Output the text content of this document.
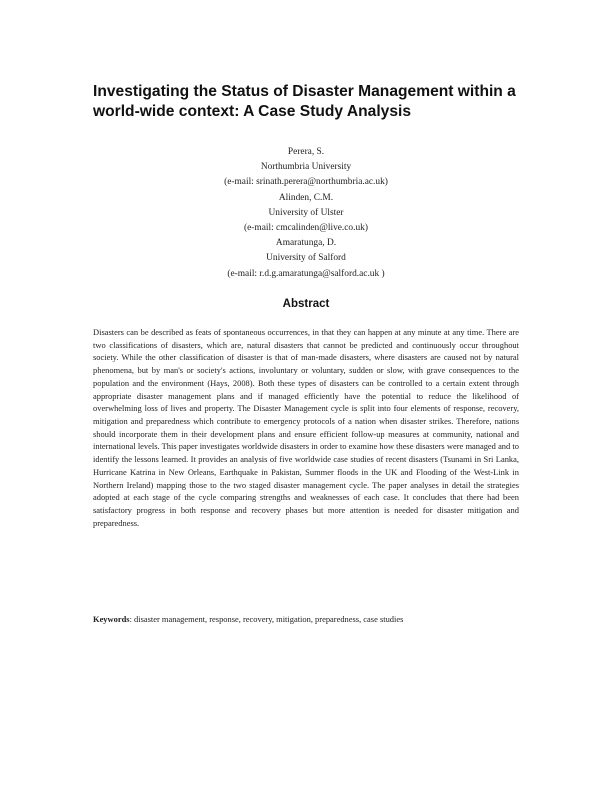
Investigating the Status of Disaster Management within a world-wide context: A Case Study Analysis
Perera, S.
Northumbria University
(e-mail: srinath.perera@northumbria.ac.uk)
Alinden, C.M.
University of Ulster
(e-mail: cmcalinden@live.co.uk)
Amaratunga, D.
University of Salford
(e-mail: r.d.g.amaratunga@salford.ac.uk )
Abstract
Disasters can be described as feats of spontaneous occurrences, in that they can happen at any minute at any time. There are two classifications of disasters, which are, natural disasters that cannot be predicted and continuously occur throughout society. While the other classification of disaster is that of man-made disasters, where disasters are caused not by natural phenomena, but by man's or society's actions, involuntary or voluntary, sudden or slow, with grave consequences to the population and the environment (Hays, 2008). Both these types of disasters can be controlled to a certain extent through appropriate disaster management plans and if managed efficiently have the potential to reduce the likelihood of overwhelming loss of lives and property. The Disaster Management cycle is split into four elements of response, recovery, mitigation and preparedness which contribute to emergency protocols of a nation when disaster strikes. Therefore, nations should incorporate them in their development plans and ensure efficient follow-up measures at community, national and international levels. This paper investigates worldwide disasters in order to examine how these disasters were managed and to identify the lessons learned. It provides an analysis of five worldwide case studies of recent disasters (Tsunami in Sri Lanka, Hurricane Katrina in New Orleans, Earthquake in Pakistan, Summer floods in the UK and Flooding of the West-Link in Northern Ireland) mapping those to the two staged disaster management cycle. The paper analyses in detail the strategies adopted at each stage of the cycle comparing strengths and weaknesses of each case. It concludes that there had been satisfactory progress in both response and recovery phases but more attention is needed for disaster mitigation and preparedness.
Keywords: disaster management, response, recovery, mitigation, preparedness, case studies
